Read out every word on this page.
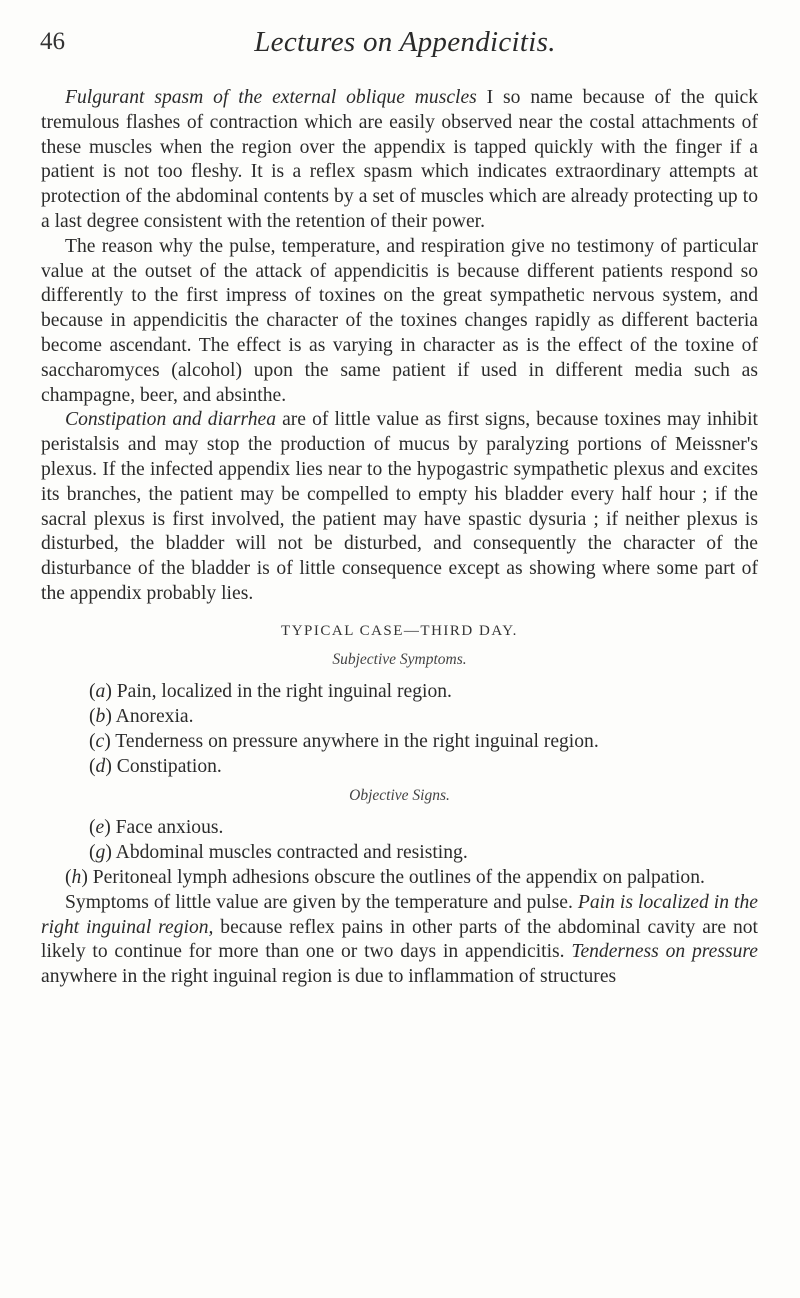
46	Lectures on Appendicitis.

Fulgurant spasm of the external oblique muscles I so name because of the quick tremulous flashes of contraction which are easily observed near the costal attachments of these muscles when the region over the appendix is tapped quickly with the finger if a patient is not too fleshy. It is a reflex spasm which indicates extraordinary attempts at protection of the abdominal contents by a set of muscles which are already protecting up to a last degree consistent with the retention of their power.

The reason why the pulse, temperature, and respiration give no testimony of particular value at the outset of the attack of appendicitis is because different patients respond so differently to the first impress of toxines on the great sympathetic nervous system, and because in appendicitis the character of the toxines changes rapidly as different bacteria become ascendant. The effect is as varying in character as is the effect of the toxine of saccharomyces (alcohol) upon the same patient if used in different media such as champagne, beer, and absinthe.

Constipation and diarrhea are of little value as first signs, because toxines may inhibit peristalsis and may stop the production of mucus by paralyzing portions of Meissner's plexus. If the infected appendix lies near to the hypogastric sympathetic plexus and excites its branches, the patient may be compelled to empty his bladder every half hour ; if the sacral plexus is first involved, the patient may have spastic dysuria ; if neither plexus is disturbed, the bladder will not be disturbed, and consequently the character of the disturbance of the bladder is of little consequence except as showing where some part of the appendix probably lies.

TYPICAL CASE—THIRD DAY.
Subjective Symptoms.

(a) Pain, localized in the right inguinal region.

(b) Anorexia.

(c) Tenderness on pressure anywhere in the right inguinal region.

(d) Constipation.

Objective Signs.

(e) Face anxious.

(g) Abdominal muscles contracted and resisting.

(h) Peritoneal lymph adhesions obscure the outlines of the appendix on palpation.

Symptoms of little value are given by the temperature and pulse. Pain is localized in the right inguinal region, because reflex pains in other parts of the abdominal cavity are not likely to continue for more than one or two days in appendicitis. Tenderness on pressure anywhere in the right inguinal region is due to inflammation of structures
